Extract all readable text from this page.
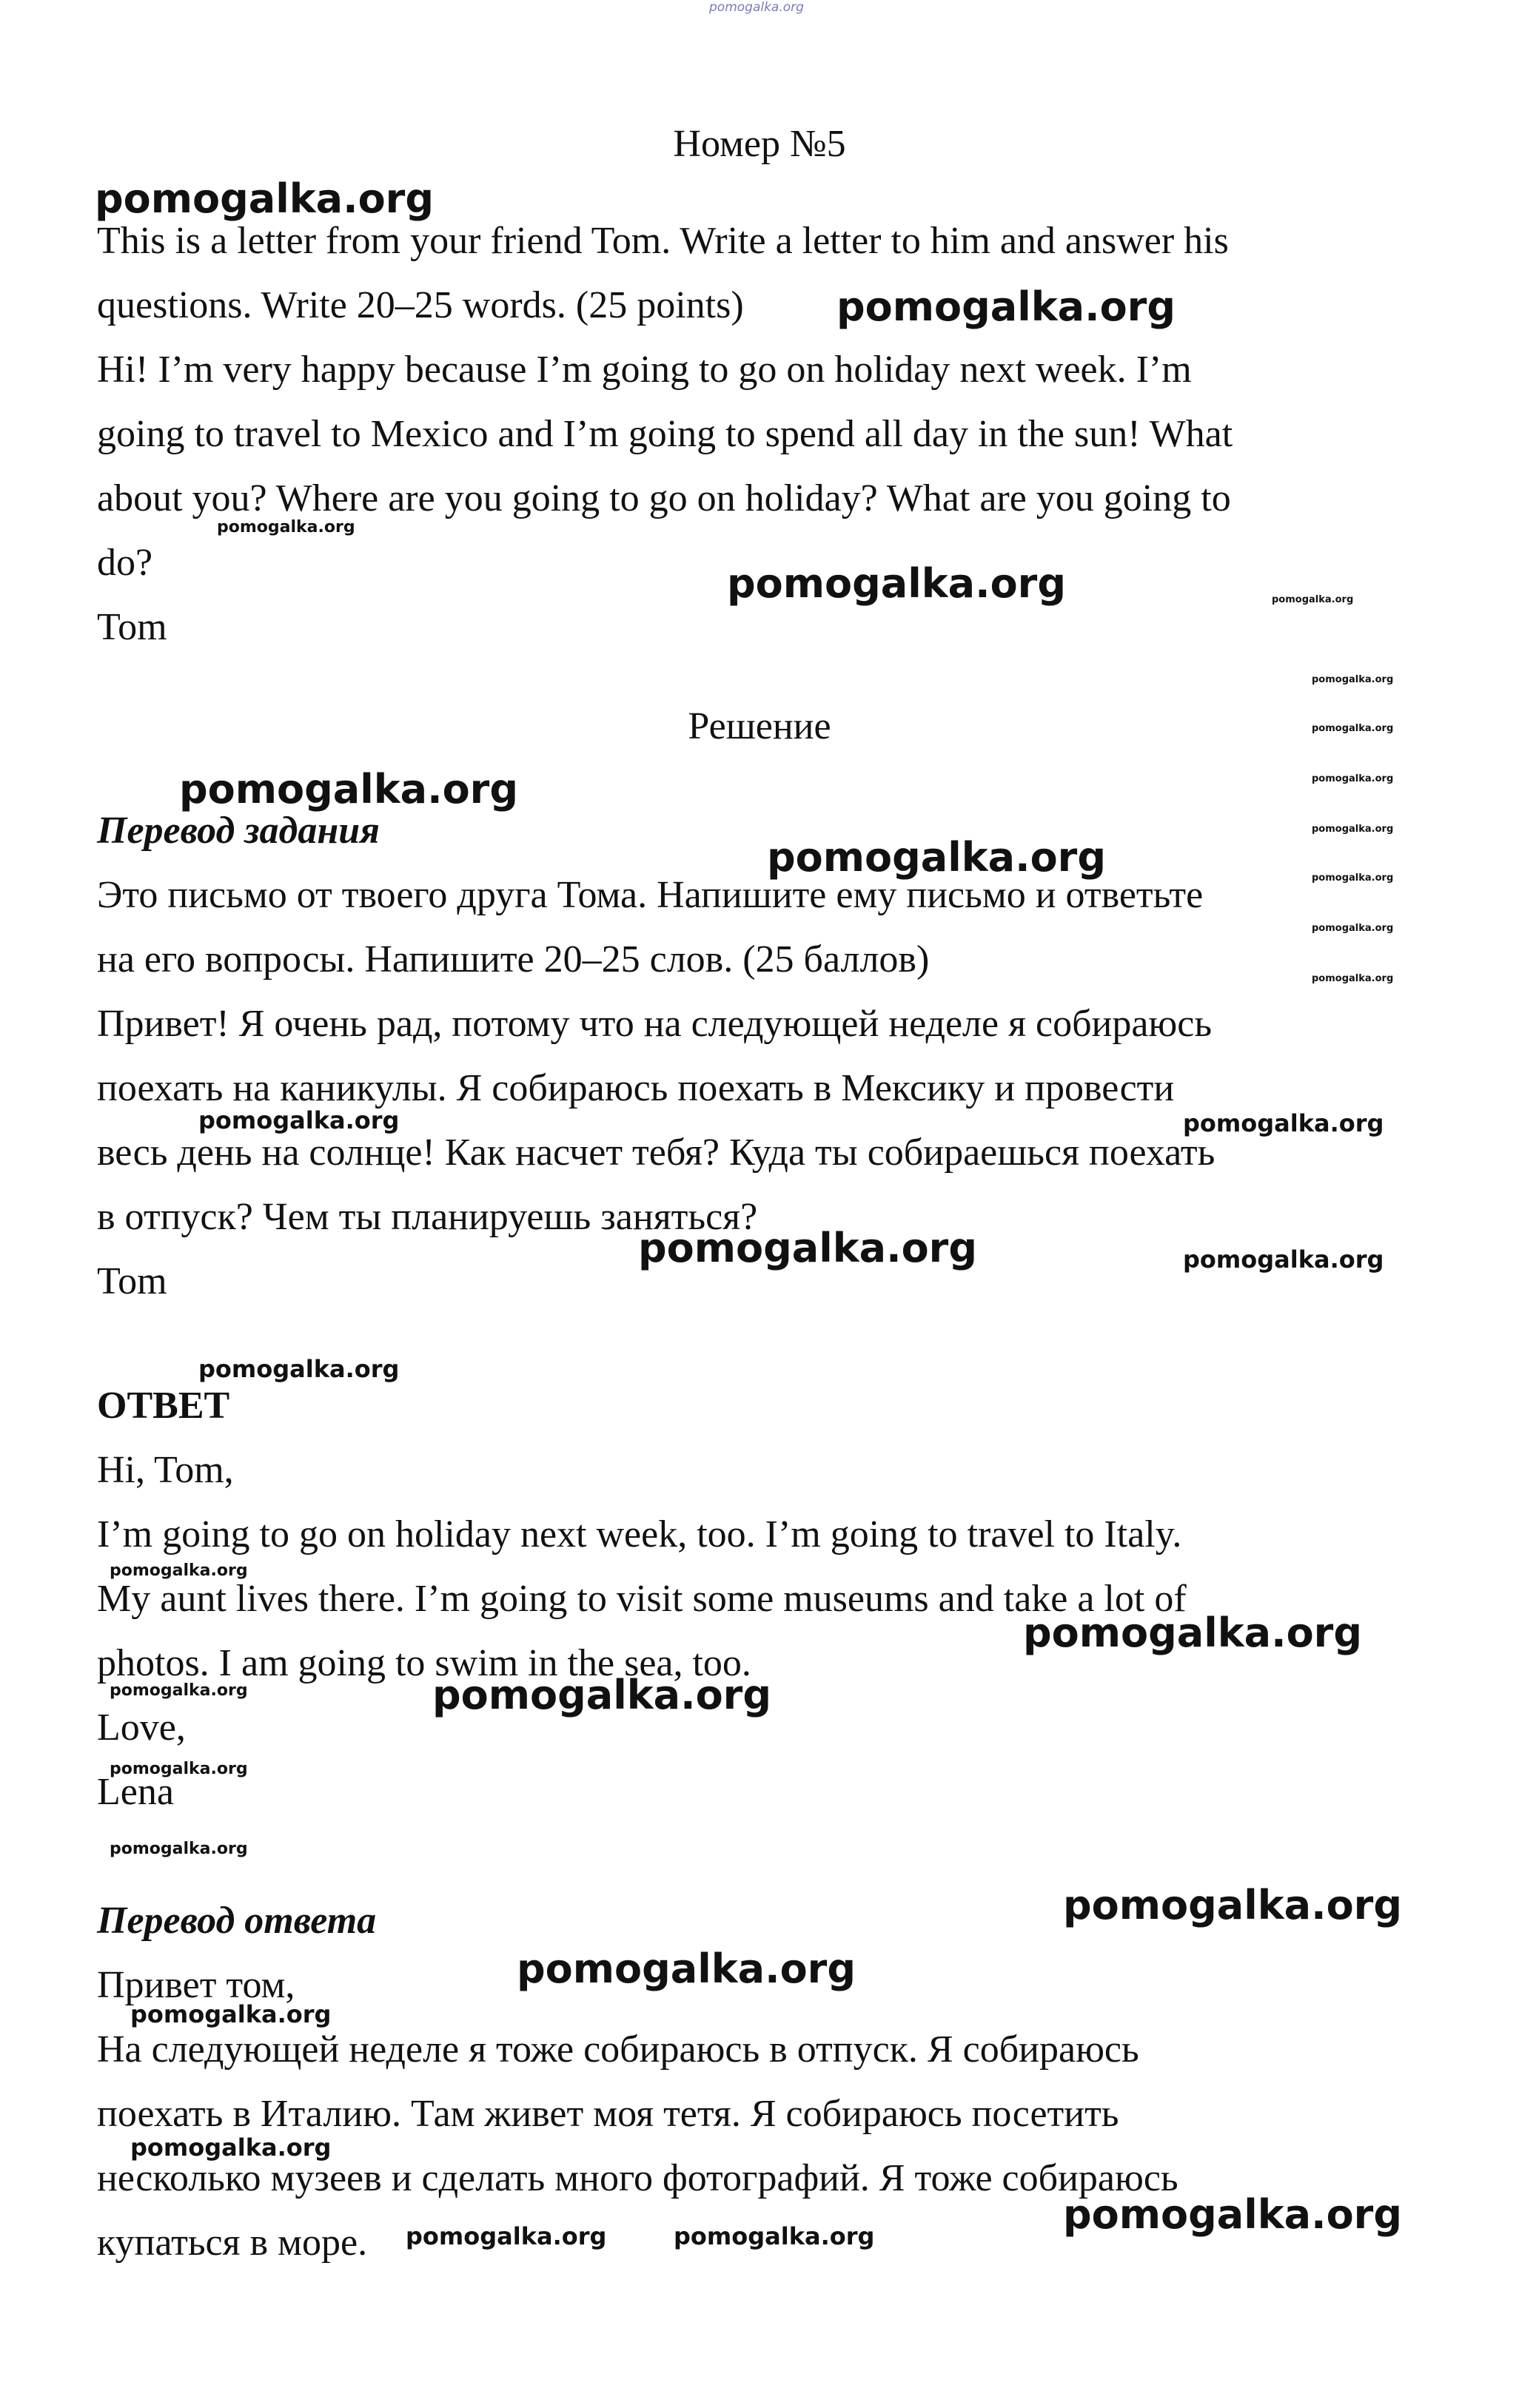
pomogalka.org

Номер №5

This is a letter from your friend Tom. Write a letter to him and answer his

questions. Write 20–25 words. (25 points)

Hi! I’m very happy because I’m going to go on holiday next week. I’m

going to travel to Mexico and I’m going to spend all day in the sun! What

about you? Where are you going to go on holiday? What are you going to

do?

Tom

Решение

Перевод задания

Это письмо от твоего друга Тома. Напишите ему письмо и ответьте

на его вопросы. Напишите 20–25 слов. (25 баллов)

Привет! Я очень рад, потому что на следующей неделе я собираюсь

поехать на каникулы. Я собираюсь поехать в Мексику и провести

весь день на солнце! Как насчет тебя? Куда ты собираешься поехать

в отпуск? Чем ты планируешь заняться?

Tom

ОТВЕТ

Hi, Tom,

I’m going to go on holiday next week, too. I’m going to travel to Italy.

My aunt lives there. I’m going to visit some museums and take a lot of

photos. I am going to swim in the sea, too.

Love,

Lena

Перевод ответа

Привет том,

На следующей неделе я тоже собираюсь в отпуск. Я собираюсь

поехать в Италию. Там живет моя тетя. Я собираюсь посетить

несколько музеев и сделать много фотографий. Я тоже собираюсь

купаться в море.

pomogalka.org
pomogalka.org
pomogalka.org
pomogalka.org	pomogalka.org
pomogalka.org
pomogalka.org
pomogalka.org	pomogalka.org
pomogalka.org
pomogalka.org	pomogalka.org
pomogalka.org
pomogalka.org
pomogalka.org	pomogalka.org
pomogalka.org	pomogalka.org
pomogalka.org
pomogalka.org
pomogalka.org
pomogalka.org	pomogalka.org
pomogalka.org
pomogalka.org
pomogalka.org
pomogalka.org
pomogalka.org
pomogalka.org
pomogalka.org
pomogalka.org	pomogalka.org
